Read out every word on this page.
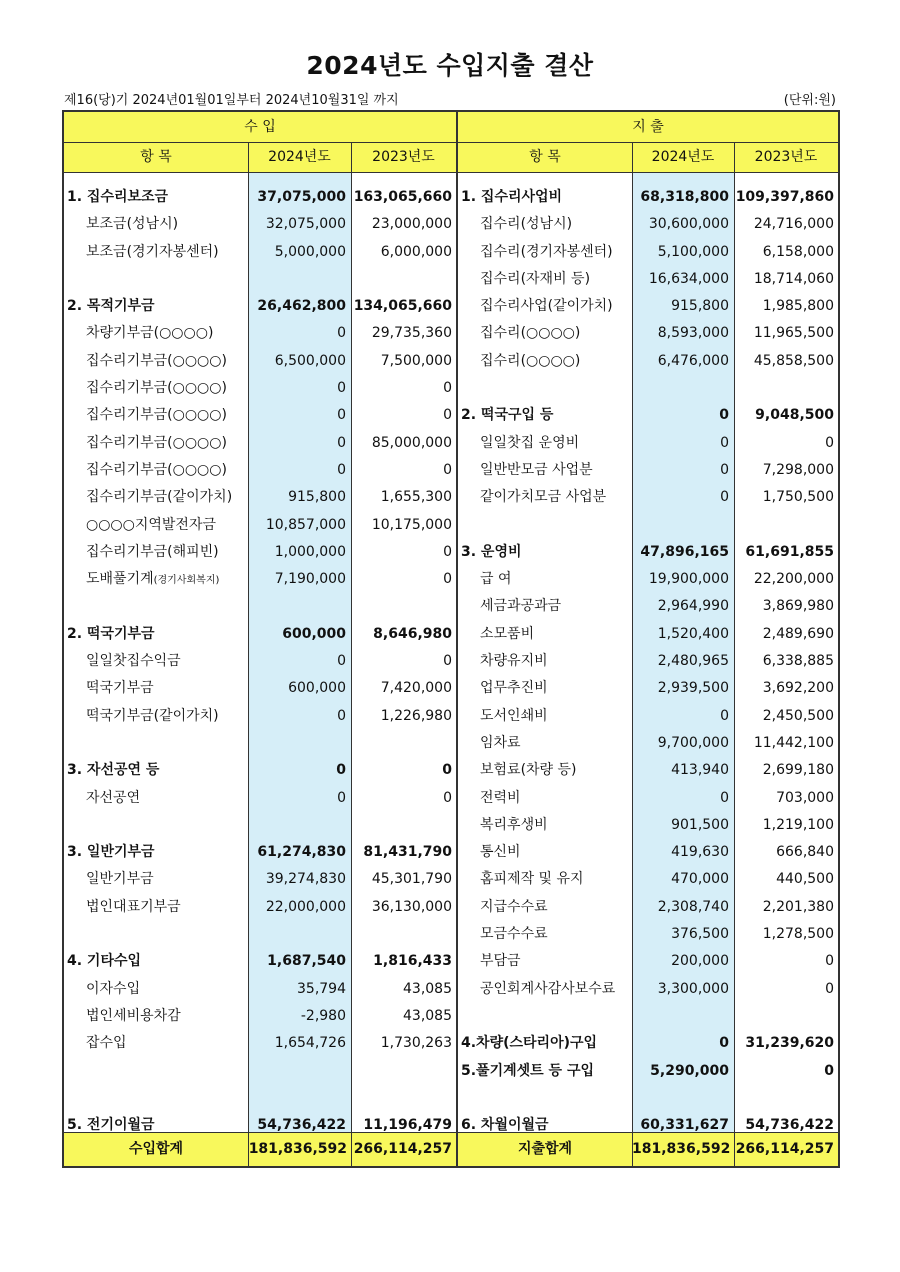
2024년도 수입지출 결산
제16(당)기 2024년01월01일부터 2024년10월31일 까지	(단위:원)
수 입
항 목	2024년도	2023년도
1. 집수리보조금	37,075,000 163,065,660
보조금(성남시)	32,075,000	23,000,000
보조금(경기자봉센터)	5,000,000	6,000,000
2. 목적기부금	26,462,800 134,065,660
차량기부금(○○○○)	0	29,735,360
집수리기부금(○○○○)	6,500,000	7,500,000
집수리기부금(○○○○)	0	0
집수리기부금(○○○○)	0	0
집수리기부금(○○○○)	0	85,000,000
집수리기부금(○○○○)	0	0
집수리기부금(같이가치)	915,800	1,655,300
○○○○지역발전자금	10,857,000	10,175,000
집수리기부금(해피빈)	1,000,000	0
도배풀기계(경기사회복지)	7,190,000	0
2. 떡국기부금	600,000	8,646,980
일일찻집수익금	0	0
떡국기부금	600,000	7,420,000
떡국기부금(같이가치)	0	1,226,980
3. 자선공연 등	0	0
자선공연	0	0
3. 일반기부금	61,274,830	81,431,790
일반기부금	39,274,830	45,301,790
법인대표기부금	22,000,000	36,130,000
4. 기타수입	1,687,540	1,816,433
이자수입	35,794	43,085
법인세비용차감	-2,980	43,085
잡수입	1,654,726	1,730,263
5. 전기이월금	54,736,422	11,196,479
수입합계	181,836,592 266,114,257
지 출
항 목	2024년도	2023년도
1. 집수리사업비	68,318,800 109,397,860
집수리(성남시)	30,600,000	24,716,000
집수리(경기자봉센터)	5,100,000	6,158,000
집수리(자재비 등)	16,634,000	18,714,060
집수리사업(같이가치)	915,800	1,985,800
집수리(○○○○)	8,593,000	11,965,500
집수리(○○○○)	6,476,000	45,858,500
2. 떡국구입 등	0	9,048,500
일일찻집 운영비	0	0
일반반모금 사업분	0	7,298,000
같이가치모금 사업분	0	1,750,500
3. 운영비	47,896,165	61,691,855
급 여	19,900,000	22,200,000
세금과공과금	2,964,990	3,869,980
소모품비	1,520,400	2,489,690
차량유지비	2,480,965	6,338,885
업무추진비	2,939,500	3,692,200
도서인쇄비	0	2,450,500
임차료	9,700,000	11,442,100
보험료(차량 등)	413,940	2,699,180
전력비	0	703,000
복리후생비	901,500	1,219,100
통신비	419,630	666,840
홈피제작 및 유지	470,000	440,500
지급수수료	2,308,740	2,201,380
모금수수료	376,500	1,278,500
부담금	200,000	0
공인회계사감사보수료	3,300,000	0
4.차량(스타리아)구입	0	31,239,620
5.풀기계셋트 등 구입	5,290,000	0
6. 차월이월금	60,331,627	54,736,422
지출합계	181,836,592 266,114,257
